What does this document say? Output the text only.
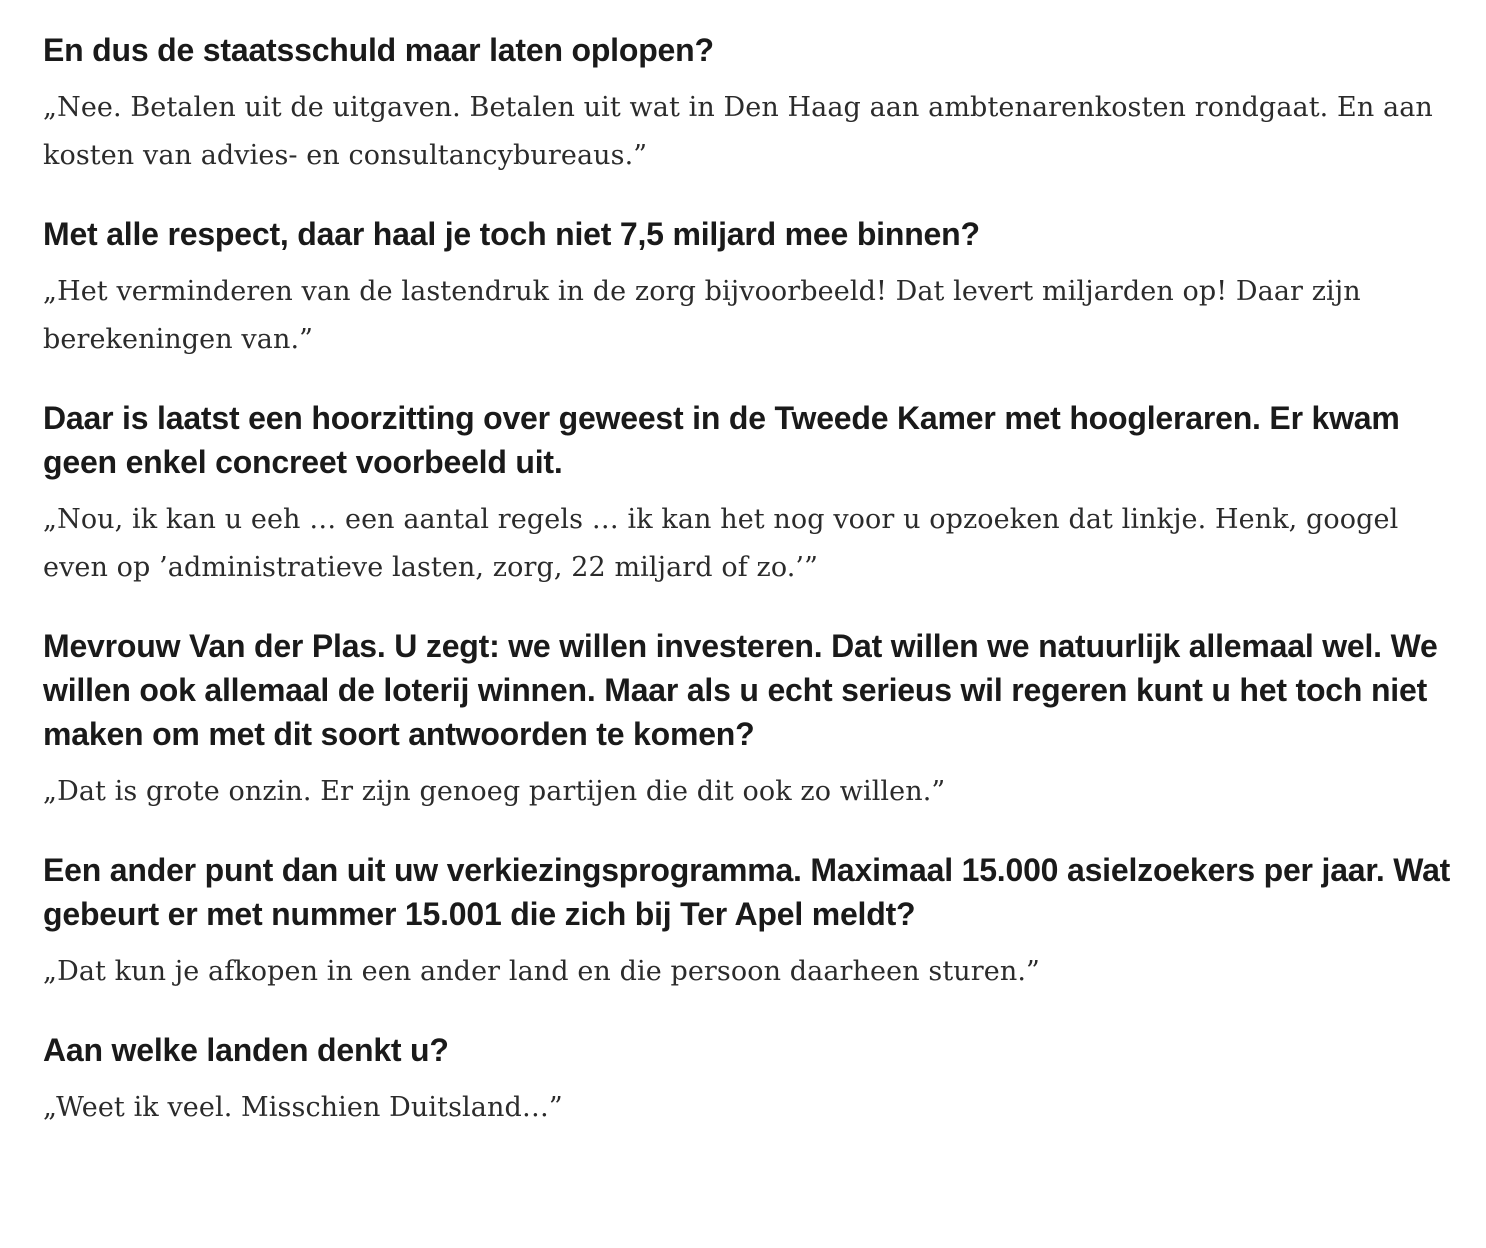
En dus de staatsschuld maar laten oplopen?

„Nee. Betalen uit de uitgaven. Betalen uit wat in Den Haag aan ambtenarenkosten rondgaat. En aan kosten van advies- en consultancybureaus.”

Met alle respect, daar haal je toch niet 7,5 miljard mee binnen?

„Het verminderen van de lastendruk in de zorg bijvoorbeeld! Dat levert miljarden op! Daar zijn berekeningen van.”

Daar is laatst een hoorzitting over geweest in de Tweede Kamer met hoogleraren. Er kwam geen enkel concreet voorbeeld uit.

„Nou, ik kan u eeh … een aantal regels … ik kan het nog voor u opzoeken dat linkje. Henk, googel even op ’administratieve lasten, zorg, 22 miljard of zo.’”

Mevrouw Van der Plas. U zegt: we willen investeren. Dat willen we natuurlijk allemaal wel. We willen ook allemaal de loterij winnen. Maar als u echt serieus wil regeren kunt u het toch niet maken om met dit soort antwoorden te komen?

„Dat is grote onzin. Er zijn genoeg partijen die dit ook zo willen.”

Een ander punt dan uit uw verkiezingsprogramma. Maximaal 15.000 asielzoekers per jaar. Wat gebeurt er met nummer 15.001 die zich bij Ter Apel meldt?

„Dat kun je afkopen in een ander land en die persoon daarheen sturen.”

Aan welke landen denkt u?

„Weet ik veel. Misschien Duitsland…”
